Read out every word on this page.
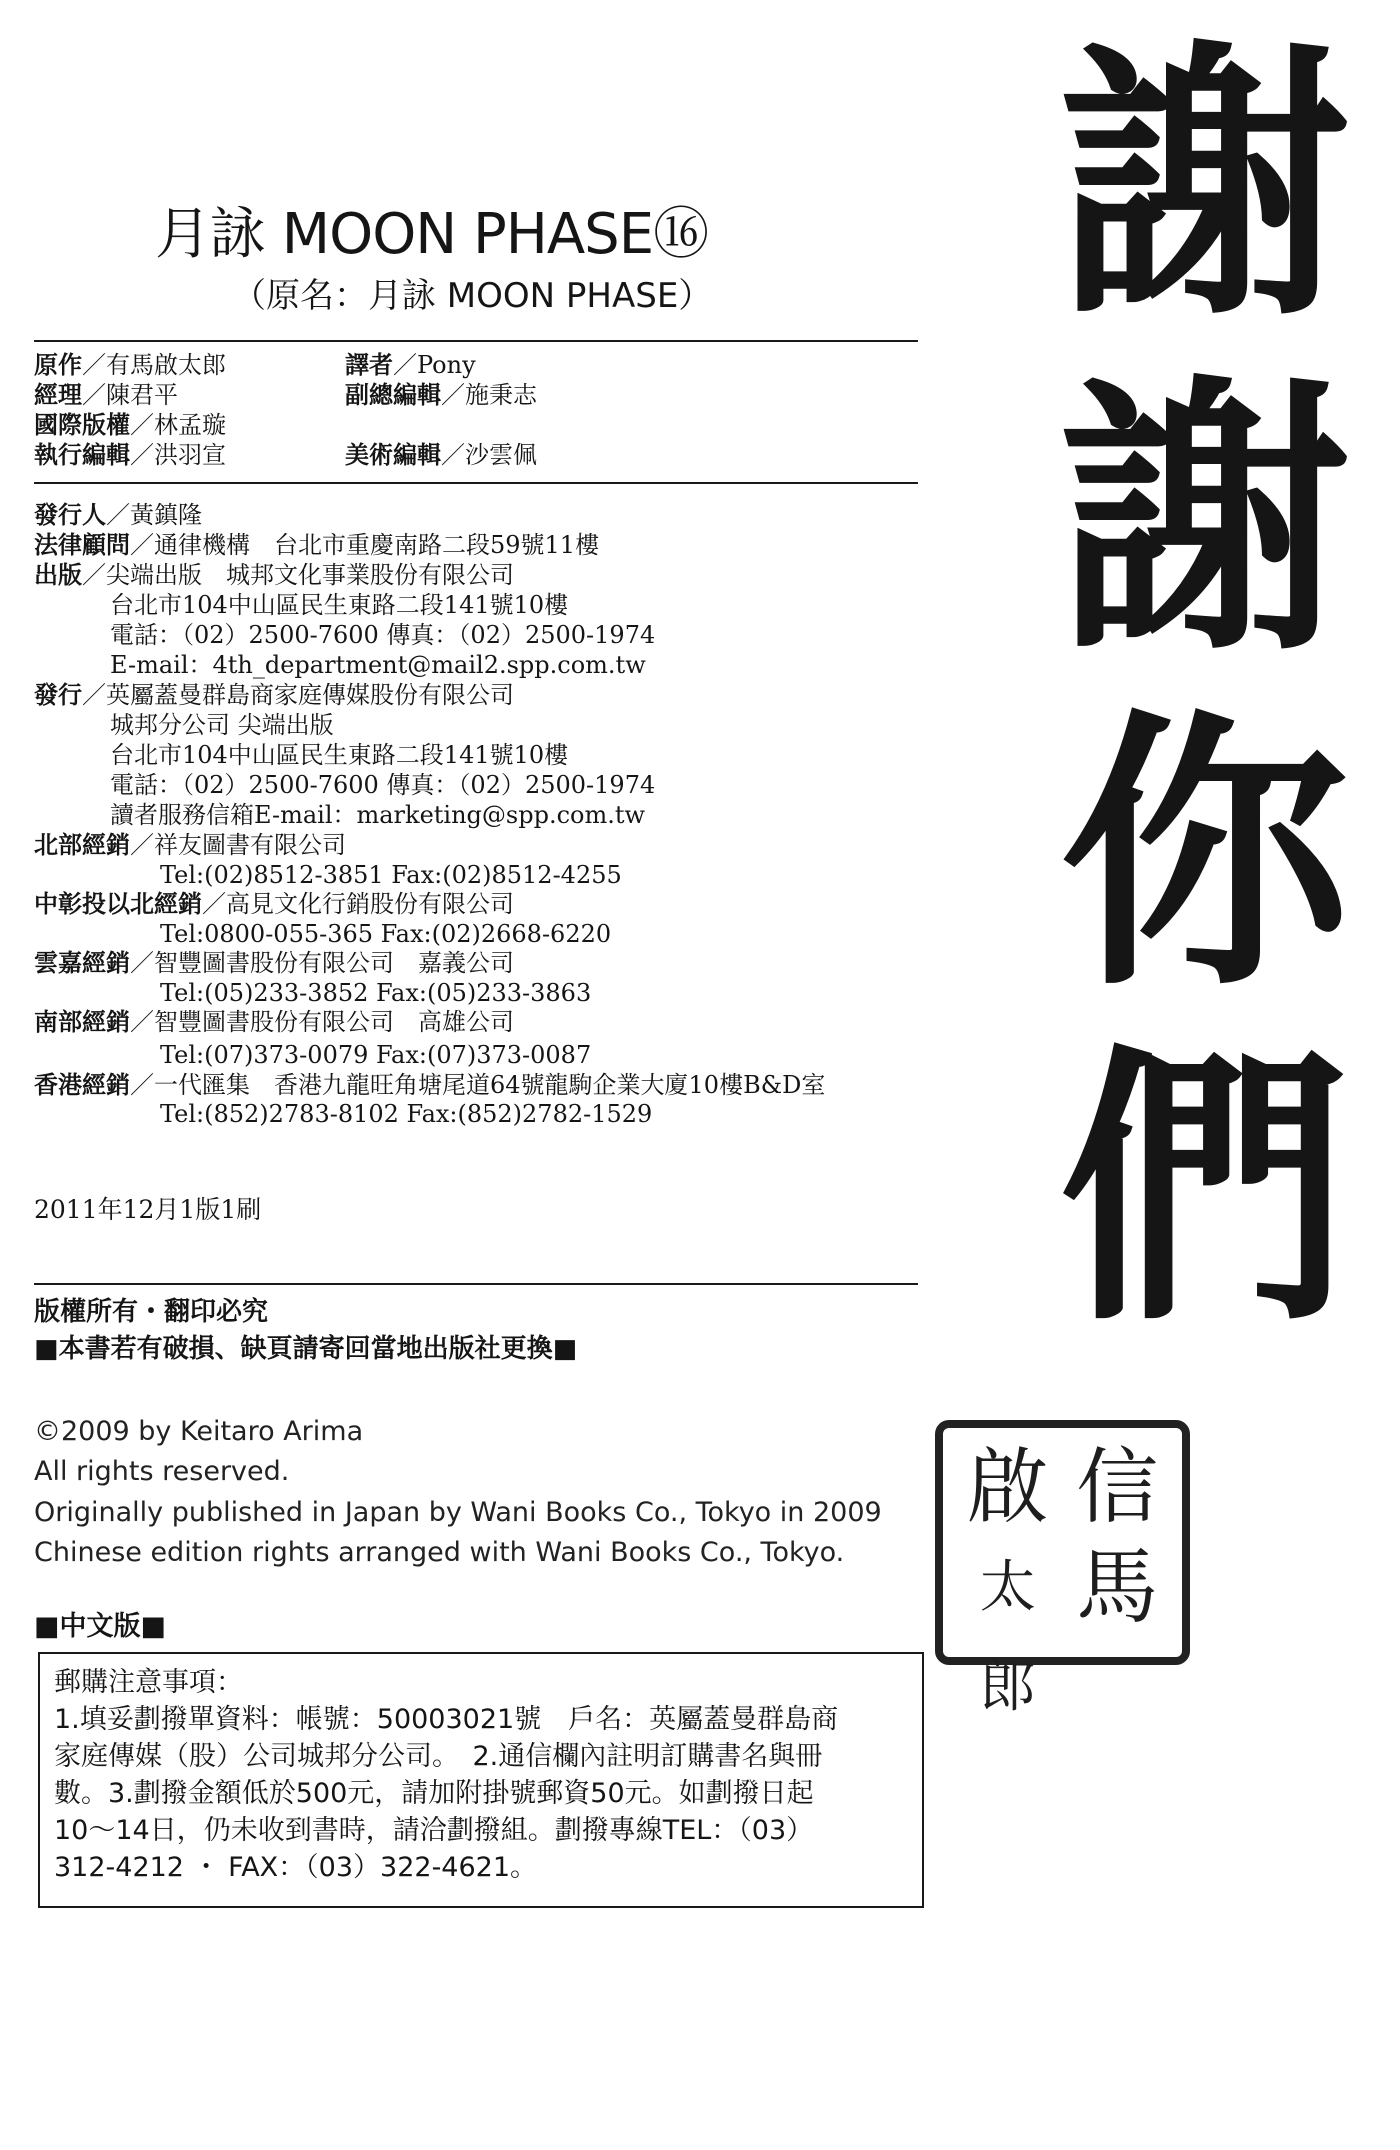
月詠 MOON PHASE⑯
（原名：月詠 MOON PHASE）
原作／有馬啟太郎	譯者／Pony
經理／陳君平	副總編輯／施秉志
國際版權／林孟璇
執行編輯／洪羽宣	美術編輯／沙雲佩
發行人／黃鎮隆
法律顧問／通律機構　台北市重慶南路二段59號11樓
出版／尖端出版　城邦文化事業股份有限公司
台北市104中山區民生東路二段141號10樓
電話：（02）2500-7600 傳真：（02）2500-1974
E-mail：4th_department@mail2.spp.com.tw
發行／英屬蓋曼群島商家庭傳媒股份有限公司
城邦分公司 尖端出版
台北市104中山區民生東路二段141號10樓
電話：（02）2500-7600 傳真：（02）2500-1974
讀者服務信箱E-mail：marketing@spp.com.tw
北部經銷／祥友圖書有限公司
Tel:(02)8512-3851 Fax:(02)8512-4255
中彰投以北經銷／高見文化行銷股份有限公司
Tel:0800-055-365 Fax:(02)2668-6220
雲嘉經銷／智豐圖書股份有限公司　嘉義公司
Tel:(05)233-3852 Fax:(05)233-3863
南部經銷／智豐圖書股份有限公司　高雄公司
Tel:(07)373-0079 Fax:(07)373-0087
香港經銷／一代匯集　香港九龍旺角塘尾道64號龍駒企業大廈10樓B&D室
Tel:(852)2783-8102 Fax:(852)2782-1529
2011年12月1版1刷
版權所有・翻印必究
■本書若有破損、缺頁請寄回當地出版社更換■
©2009 by Keitaro Arima
All rights reserved.
Originally published in Japan by Wani Books Co., Tokyo in 2009
Chinese edition rights arranged with Wani Books Co., Tokyo.
■中文版■
郵購注意事項：
1.填妥劃撥單資料：帳號：50003021號　戶名：英屬蓋曼群島商
家庭傳媒（股）公司城邦分公司。　2.通信欄內註明訂購書名與冊
數。3.劃撥金額低於500元，請加附掛號郵資50元。如劃撥日起
10～14日，仍未收到書時，請洽劃撥組。劃撥專線TEL：（03）
312-4212 ・ FAX：（03）322-4621。
謝
謝
你
們
啟 信
太郎
馬
